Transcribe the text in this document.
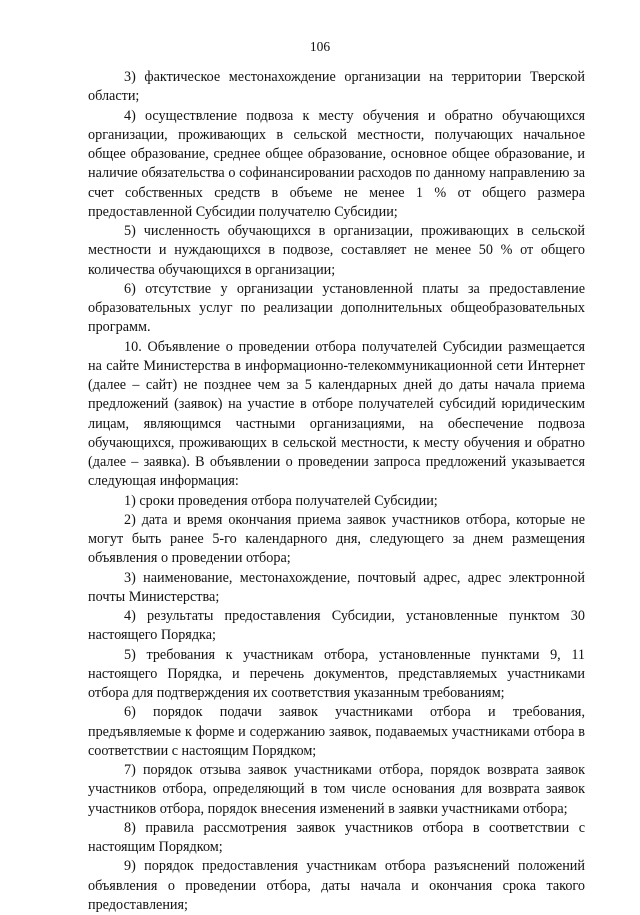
106

3) фактическое местонахождение организации на территории Тверской области;

4) осуществление подвоза к месту обучения и обратно обучающихся организации, проживающих в сельской местности, получающих начальное общее образование, среднее общее образование, основное общее образование, и наличие обязательства о софинансировании расходов по данному направлению за счет собственных средств в объеме не менее 1 % от общего размера предоставленной Субсидии получателю Субсидии;

5) численность обучающихся в организации, проживающих в сельской местности и нуждающихся в подвозе, составляет не менее 50 % от общего количества обучающихся в организации;

6) отсутствие у организации установленной платы за предоставление образовательных услуг по реализации дополнительных общеобразовательных программ.

10. Объявление о проведении отбора получателей Субсидии размещается на сайте Министерства в информационно-телекоммуникационной сети Интернет (далее – сайт) не позднее чем за 5 календарных дней до даты начала приема предложений (заявок) на участие в отборе получателей субсидий юридическим лицам, являющимся частными организациями, на обеспечение подвоза обучающихся, проживающих в сельской местности, к месту обучения и обратно (далее – заявка). В объявлении о проведении запроса предложений указывается следующая информация:

1) сроки проведения отбора получателей Субсидии;

2) дата и время окончания приема заявок участников отбора, которые не могут быть ранее 5-го календарного дня, следующего за днем размещения объявления о проведении отбора;

3) наименование, местонахождение, почтовый адрес, адрес электронной почты Министерства;

4) результаты предоставления Субсидии, установленные пунктом 30 настоящего Порядка;

5) требования к участникам отбора, установленные пунктами 9, 11 настоящего Порядка, и перечень документов, представляемых участниками отбора для подтверждения их соответствия указанным требованиям;

6) порядок подачи заявок участниками отбора и требования, предъявляемые к форме и содержанию заявок, подаваемых участниками отбора в соответствии с настоящим Порядком;

7) порядок отзыва заявок участниками отбора, порядок возврата заявок участников отбора, определяющий в том числе основания для возврата заявок участников отбора, порядок внесения изменений в заявки участниками отбора;

8) правила рассмотрения заявок участников отбора в соответствии с настоящим Порядком;

9) порядок предоставления участникам отбора разъяснений положений объявления о проведении отбора, даты начала и окончания срока такого предоставления;
